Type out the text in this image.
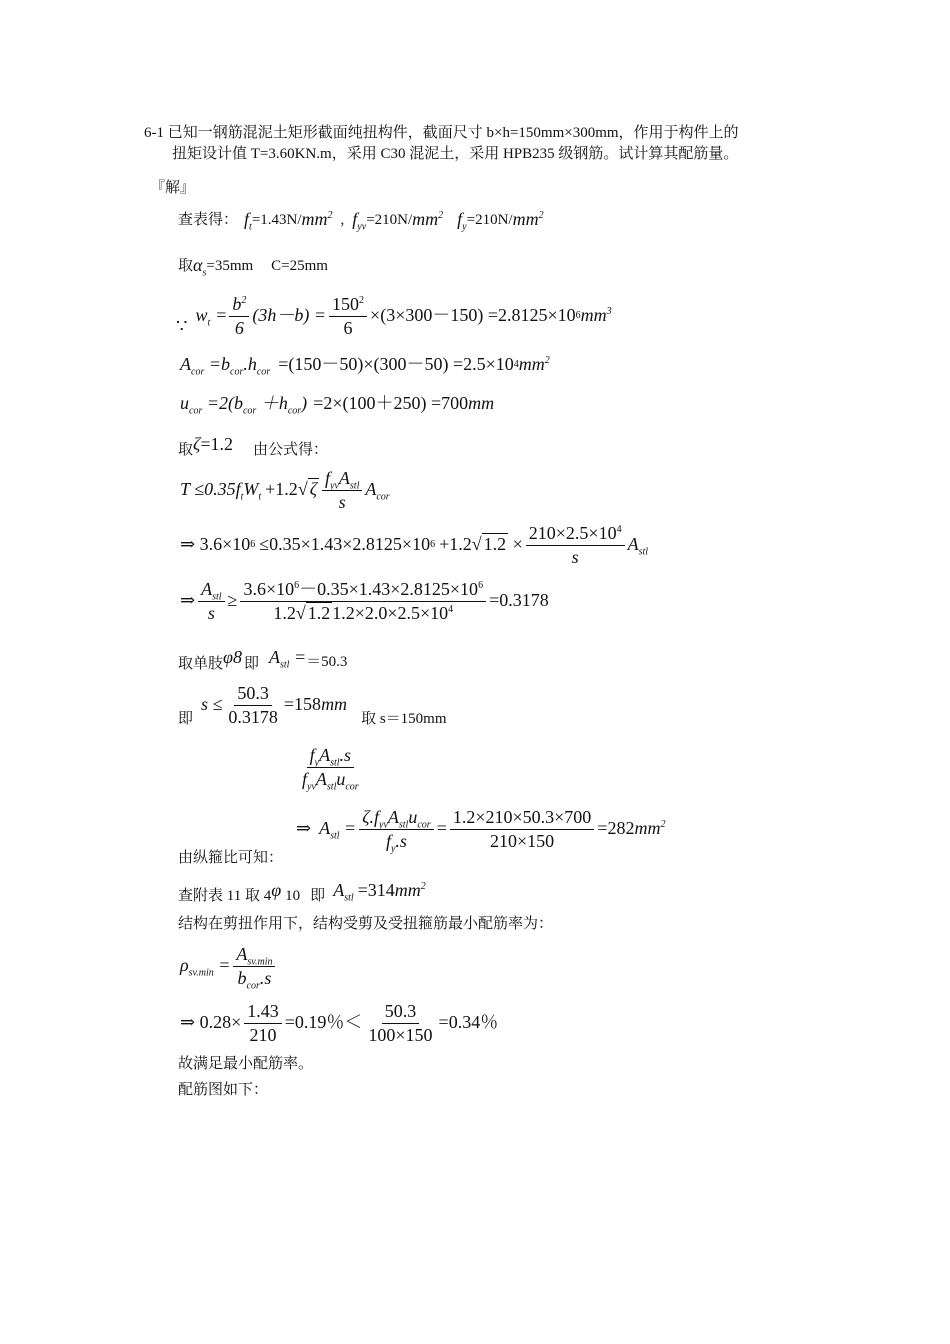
6-1 已知一钢筋混泥土矩形截面纯扭构件，截面尺寸 b×h=150mm×300mm，作用于构件上的
扭矩设计值 T=3.60KN.m，采用 C30 混泥土，采用 HPB235 级钢筋。试计算其配筋量。
『解』
查表得： $f_t =1.43N/$ $mm^2$ , $f_{yv} =210N/$ $mm^2$ $f_y =210N/$ $mm^2$
取 $\alpha_s =35mm$ C=25mm
∵
$w_t = \frac{b^2}{6} (3h-b) = \frac{150^2}{6} \times(3\times 300-150) =2.8125\times 10$ 6 $mm^3$
$A_{cor} =b_{cor}.h_{cor} =(150-50)\times(300-50) =2.5\times 10$ 4 $mm^2$
$u_{cor} =2(b_{cor} +h_{cor}) =2\times(100+250) =700$ mm
取 ζ =1.2 由公式得：
T ≤0.35 $f_tW_t +1.2$ √ ζ $\frac{f_{yv}A_{stl}}{s} A_{cor}$
⇒ 3.6×10 6 ≤0.35×1.43×2.8125×10 6 +1.2 √ $1.2 \times \frac{210\times 2.5\times 10^4}{s} A_{stl}$
⇒ $\frac{A_{stl}}{s} \ge \frac{3.6\times 10^6-0.35\times 1.43\times 2.8125\times 10^6}{1.2√ 1.2 1.2\times 2.0\times 2.5\times 10^4} =0.3178$
取单肢 φ8 即 $A_{stl} = =50.3$
即
$s \le \frac{50.3}{0.3178} =158$ mm
取 s＝150mm
$\frac{f_yA_{stl}.s}{f_{yv}A_{stl}u_{cor}}$
⇒ $A_{stl} = \frac{\zeta.f_{yv}A_{stl}u_{cor}}{f_y.s} = \frac{1.2\times 210\times 50.3\times 700}{210\times 150} =282$ $mm^2$
由纵箍比可知：
查附表 11 取 4 φ 10 即 $A_{stl} =314$ $mm^2$
结构在剪扭作用下，结构受剪及受扭箍筋最小配筋率为：
$\rho_{sv.min} = \frac{A_{sv.min}}{b_{cor}.s}$
⇒ $0.28\times \frac{1.43}{210} =0.19$％＜ $\frac{50.3}{100\times 150} =0.34$％
故满足最小配筋率。
配筋图如下：
